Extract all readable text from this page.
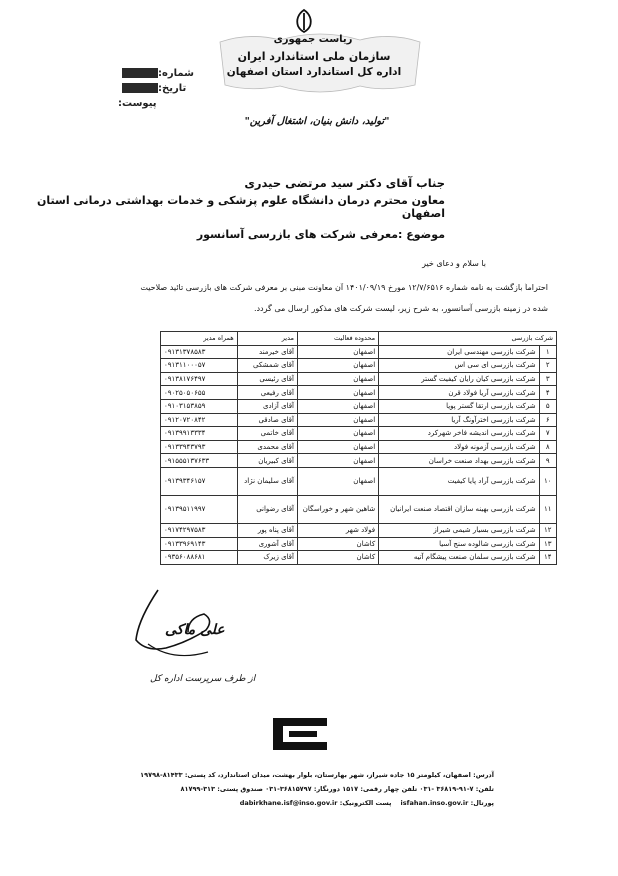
ریاست جمهوری
سازمان ملی استاندارد ایران
اداره کل استاندارد استان اصفهان
"تولید، دانش بنیان، اشتغال آفرین"
شماره:
تاریخ:
پیوست:
جناب آقای دکتر سید مرتضی حیدری
معاون محترم درمان دانشگاه علوم پزشکی و خدمات بهداشتی درمانی استان اصفهان
موضوع :معرفی شرکت های بازرسی آسانسور
با سلام و دعای خیر
احتراماً بازگشت به نامه شماره ۱۲/۷/۶۵۱۶ مورخ ۱۴۰۱/۰۹/۱۹ آن معاونت مبنی بر معرفی شرکت های بازرسی تائید صلاحیت
شده در زمینه بازرسی آسانسور، به شرح زیر، لیست شرکت های مذکور ارسال می گردد.
شرکت بازرسی		محدوده فعالیت	مدیر	همراه مدیر
۱	شرکت بازرسی مهندسی ایران	اصفهان	آقای خیرمند	۰۹۱۳۱۳۷۸۵۸۳
۲	شرکت بازرسی ای سی اس	اصفهان	آقای شمشکی	۰۹۱۳۱۱۰۰۰۵۷
۳	شرکت بازرسی کیان رایان کیفیت گستر	اصفهان	آقای رئیسی	۰۹۱۳۸۱۷۶۴۹۷
۴	شرکت بازرسی آریا فولاد قرن	اصفهان	آقای رفیعی	۰۹۰۲۵۰۵۰۶۵۵
۵	شرکت بازرسی ارتقا گستر پویا	اصفهان	آقای آزادی	۰۹۱۰۳۱۵۳۸۵۹
۶	شرکت بازرسی اخترآونگ آریا	اصفهان	آقای صادقی	۰۹۱۲۰۷۲۰۸۴۲
۷	شرکت بازرسی اندیشه فاخر شهرکرد	اصفهان	آقای خاتمی	۰۹۱۳۹۹۱۳۳۳۴
۸	شرکت بازرسی آزمونه فولاد	اصفهان	آقای محمدی	۰۹۱۳۳۹۴۳۷۹۳
۹	شرکت بازرسی بهداد صنعت خراسان	اصفهان	آقای کبیریان	۰۹۱۵۵۵۱۳۷۶۳۳
۱۰	شرکت بازرسی آراد پایا کیفیت	اصفهان	آقای سلیمان نژاد	۰۹۱۳۹۳۴۶۱۵۷
۱۱	شرکت بازرسی بهینه سازان اقتصاد صنعت ایرانیان	شاهین شهر و خوراسگان	آقای رضوانی	۰۹۱۳۹۵۱۱۹۹۷
۱۲	شرکت بازرسی بسیار شیمی شیراز	فولاد شهر	آقای پناه پور	۰۹۱۷۴۲۹۷۵۸۳
۱۳	شرکت بازرسی شالوده سنج آسیا	کاشان	آقای آشوری	۰۹۱۳۳۹۶۹۱۴۳
۱۴	شرکت بازرسی سلمان صنعت پیشگام آتیه	کاشان	آقای زیرک	۰۹۳۵۶۰۸۸۶۸۱
علی ماکی
از طرف سرپرست اداره کل
آدرس: اصفهان، کیلومتر ۱۵ جاده شیراز، شهر بهارستان، بلوار بهشت، میدان استاندارد، کد پستی: ۸۱۴۳۳-۱۹۷۹۸
تلفن: ۷-۹۱-۳۶۸۱۹ -۰۳۱ تلفن چهار رقمی: ۱۵۱۷ دورنگار: ۳۶۸۱۵۷۹۷-۰۳۱ صندوق پستی: ۳۱۳-۸۱۷۹۹
پورتال: isfahan.inso.gov.ir    پست الکترونیک: dabirkhane.isf@inso.gov.ir
